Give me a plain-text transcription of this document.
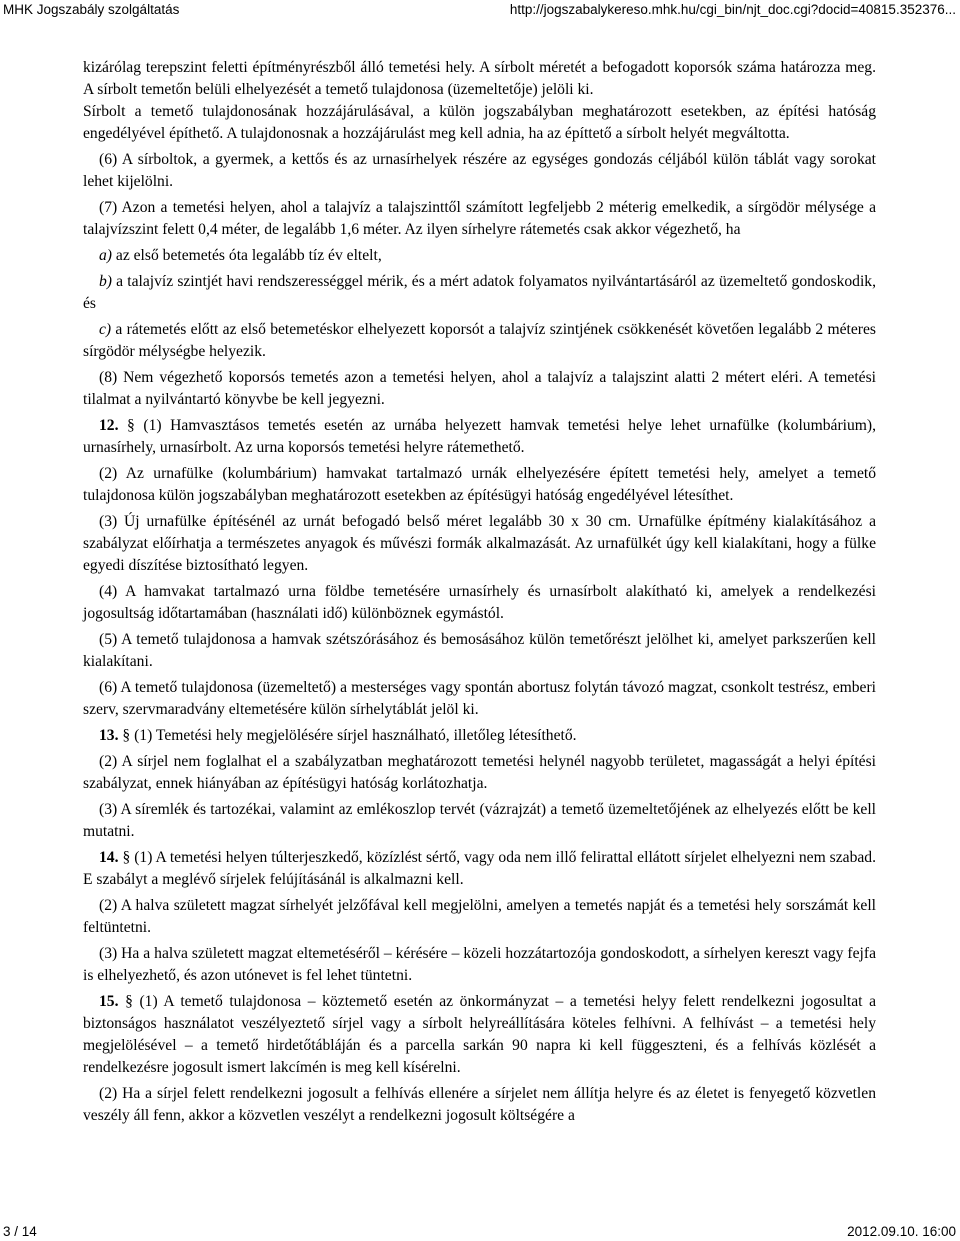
MHK Jogszabály szolgáltatás	http://jogszabalykereso.mhk.hu/cgi_bin/njt_doc.cgi?docid=40815.352376...

kizárólag terepszint feletti építményrészből álló temetési hely. A sírbolt méretét a befogadott koporsók száma határozza meg. A sírbolt temetőn belüli elhelyezését a temető tulajdonosa (üzemeltetője) jelöli ki.

Sírbolt a temető tulajdonosának hozzájárulásával, a külön jogszabályban meghatározott esetekben, az építési hatóság engedélyével építhető. A tulajdonosnak a hozzájárulást meg kell adnia, ha az építtető a sírbolt helyét megváltotta.

(6) A sírboltok, a gyermek, a kettős és az urnasírhelyek részére az egységes gondozás céljából külön táblát vagy sorokat lehet kijelölni.

(7) Azon a temetési helyen, ahol a talajvíz a talajszinttől számított legfeljebb 2 méterig emelkedik, a sírgödör mélysége a talajvízszint felett 0,4 méter, de legalább 1,6 méter. Az ilyen sírhelyre rátemetés csak akkor végezhető, ha

a) az első betemetés óta legalább tíz év eltelt,

b) a talajvíz szintjét havi rendszerességgel mérik, és a mért adatok folyamatos nyilvántartásáról az üzemeltető gondoskodik, és

c) a rátemetés előtt az első betemetéskor elhelyezett koporsót a talajvíz szintjének csökkenését követően legalább 2 méteres sírgödör mélységbe helyezik.

(8) Nem végezhető koporsós temetés azon a temetési helyen, ahol a talajvíz a talajszint alatti 2 métert eléri. A temetési tilalmat a nyilvántartó könyvbe be kell jegyezni.

12. § (1) Hamvasztásos temetés esetén az urnába helyezett hamvak temetési helye lehet urnafülke (kolumbárium), urnasírhely, urnasírbolt. Az urna koporsós temetési helyre rátemethető.

(2) Az urnafülke (kolumbárium) hamvakat tartalmazó urnák elhelyezésére épített temetési hely, amelyet a temető tulajdonosa külön jogszabályban meghatározott esetekben az építésügyi hatóság engedélyével létesíthet.

(3) Új urnafülke építésénél az urnát befogadó belső méret legalább 30 x 30 cm. Urnafülke építmény kialakításához a szabályzat előírhatja a természetes anyagok és művészi formák alkalmazását. Az urnafülkét úgy kell kialakítani, hogy a fülke egyedi díszítése biztosítható legyen.

(4) A hamvakat tartalmazó urna földbe temetésére urnasírhely és urnasírbolt alakítható ki, amelyek a rendelkezési jogosultság időtartamában (használati idő) különböznek egymástól.

(5) A temető tulajdonosa a hamvak szétszórásához és bemosásához külön temetőrészt jelölhet ki, amelyet parkszerűen kell kialakítani.

(6) A temető tulajdonosa (üzemeltető) a mesterséges vagy spontán abortusz folytán távozó magzat, csonkolt testrész, emberi szerv, szervmaradvány eltemetésére külön sírhelytáblát jelöl ki.

13. § (1) Temetési hely megjelölésére sírjel használható, illetőleg létesíthető.

(2) A sírjel nem foglalhat el a szabályzatban meghatározott temetési helynél nagyobb területet, magasságát a helyi építési szabályzat, ennek hiányában az építésügyi hatóság korlátozhatja.

(3) A síremlék és tartozékai, valamint az emlékoszlop tervét (vázrajzát) a temető üzemeltetőjének az elhelyezés előtt be kell mutatni.

14. § (1) A temetési helyen túlterjeszkedő, közízlést sértő, vagy oda nem illő felirattal ellátott sírjelet elhelyezni nem szabad. E szabályt a meglévő sírjelek felújításánál is alkalmazni kell.

(2) A halva született magzat sírhelyét jelzőfával kell megjelölni, amelyen a temetés napját és a temetési hely sorszámát kell feltüntetni.

(3) Ha a halva született magzat eltemetéséről – kérésére – közeli hozzátartozója gondoskodott, a sírhelyen kereszt vagy fejfa is elhelyezhető, és azon utónevet is fel lehet tüntetni.

15. § (1) A temető tulajdonosa – köztemető esetén az önkormányzat – a temetési helyy felett rendelkezni jogosultat a biztonságos használatot veszélyeztető sírjel vagy a sírbolt helyreállítására köteles felhívni. A felhívást – a temetési hely megjelölésével – a temető hirdetőtábláján és a parcella sarkán 90 napra ki kell függeszteni, és a felhívás közlését a rendelkezésre jogosult ismert lakcímén is meg kell kísérelni.

(2) Ha a sírjel felett rendelkezni jogosult a felhívás ellenére a sírjelet nem állítja helyre és az életet is fenyegető közvetlen veszély áll fenn, akkor a közvetlen veszélyt a rendelkezni jogosult költségére a

3 / 14	2012.09.10. 16:00
